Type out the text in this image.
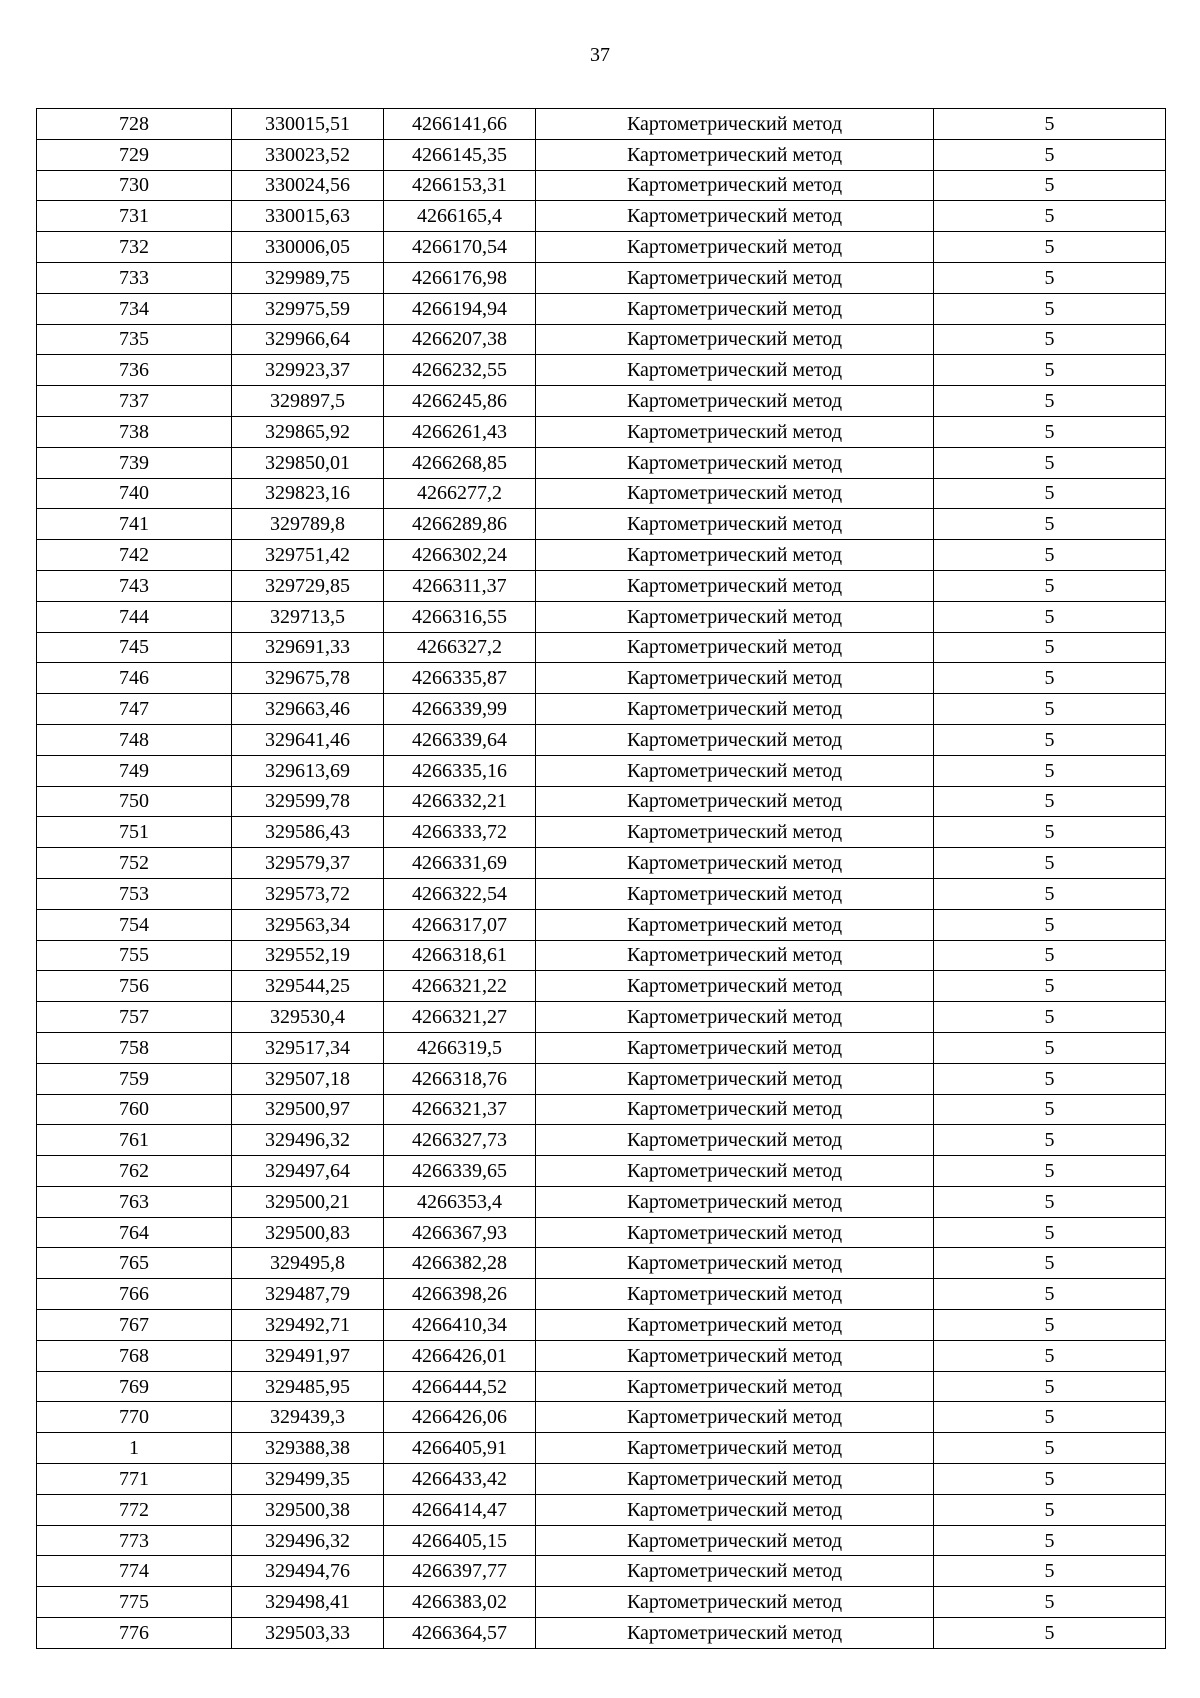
37
728	330015,51	4266141,66	Картометрический метод	5
729	330023,52	4266145,35	Картометрический метод	5
730	330024,56	4266153,31	Картометрический метод	5
731	330015,63	4266165,4	Картометрический метод	5
732	330006,05	4266170,54	Картометрический метод	5
733	329989,75	4266176,98	Картометрический метод	5
734	329975,59	4266194,94	Картометрический метод	5
735	329966,64	4266207,38	Картометрический метод	5
736	329923,37	4266232,55	Картометрический метод	5
737	329897,5	4266245,86	Картометрический метод	5
738	329865,92	4266261,43	Картометрический метод	5
739	329850,01	4266268,85	Картометрический метод	5
740	329823,16	4266277,2	Картометрический метод	5
741	329789,8	4266289,86	Картометрический метод	5
742	329751,42	4266302,24	Картометрический метод	5
743	329729,85	4266311,37	Картометрический метод	5
744	329713,5	4266316,55	Картометрический метод	5
745	329691,33	4266327,2	Картометрический метод	5
746	329675,78	4266335,87	Картометрический метод	5
747	329663,46	4266339,99	Картометрический метод	5
748	329641,46	4266339,64	Картометрический метод	5
749	329613,69	4266335,16	Картометрический метод	5
750	329599,78	4266332,21	Картометрический метод	5
751	329586,43	4266333,72	Картометрический метод	5
752	329579,37	4266331,69	Картометрический метод	5
753	329573,72	4266322,54	Картометрический метод	5
754	329563,34	4266317,07	Картометрический метод	5
755	329552,19	4266318,61	Картометрический метод	5
756	329544,25	4266321,22	Картометрический метод	5
757	329530,4	4266321,27	Картометрический метод	5
758	329517,34	4266319,5	Картометрический метод	5
759	329507,18	4266318,76	Картометрический метод	5
760	329500,97	4266321,37	Картометрический метод	5
761	329496,32	4266327,73	Картометрический метод	5
762	329497,64	4266339,65	Картометрический метод	5
763	329500,21	4266353,4	Картометрический метод	5
764	329500,83	4266367,93	Картометрический метод	5
765	329495,8	4266382,28	Картометрический метод	5
766	329487,79	4266398,26	Картометрический метод	5
767	329492,71	4266410,34	Картометрический метод	5
768	329491,97	4266426,01	Картометрический метод	5
769	329485,95	4266444,52	Картометрический метод	5
770	329439,3	4266426,06	Картометрический метод	5
1	329388,38	4266405,91	Картометрический метод	5
771	329499,35	4266433,42	Картометрический метод	5
772	329500,38	4266414,47	Картометрический метод	5
773	329496,32	4266405,15	Картометрический метод	5
774	329494,76	4266397,77	Картометрический метод	5
775	329498,41	4266383,02	Картометрический метод	5
776	329503,33	4266364,57	Картометрический метод	5
